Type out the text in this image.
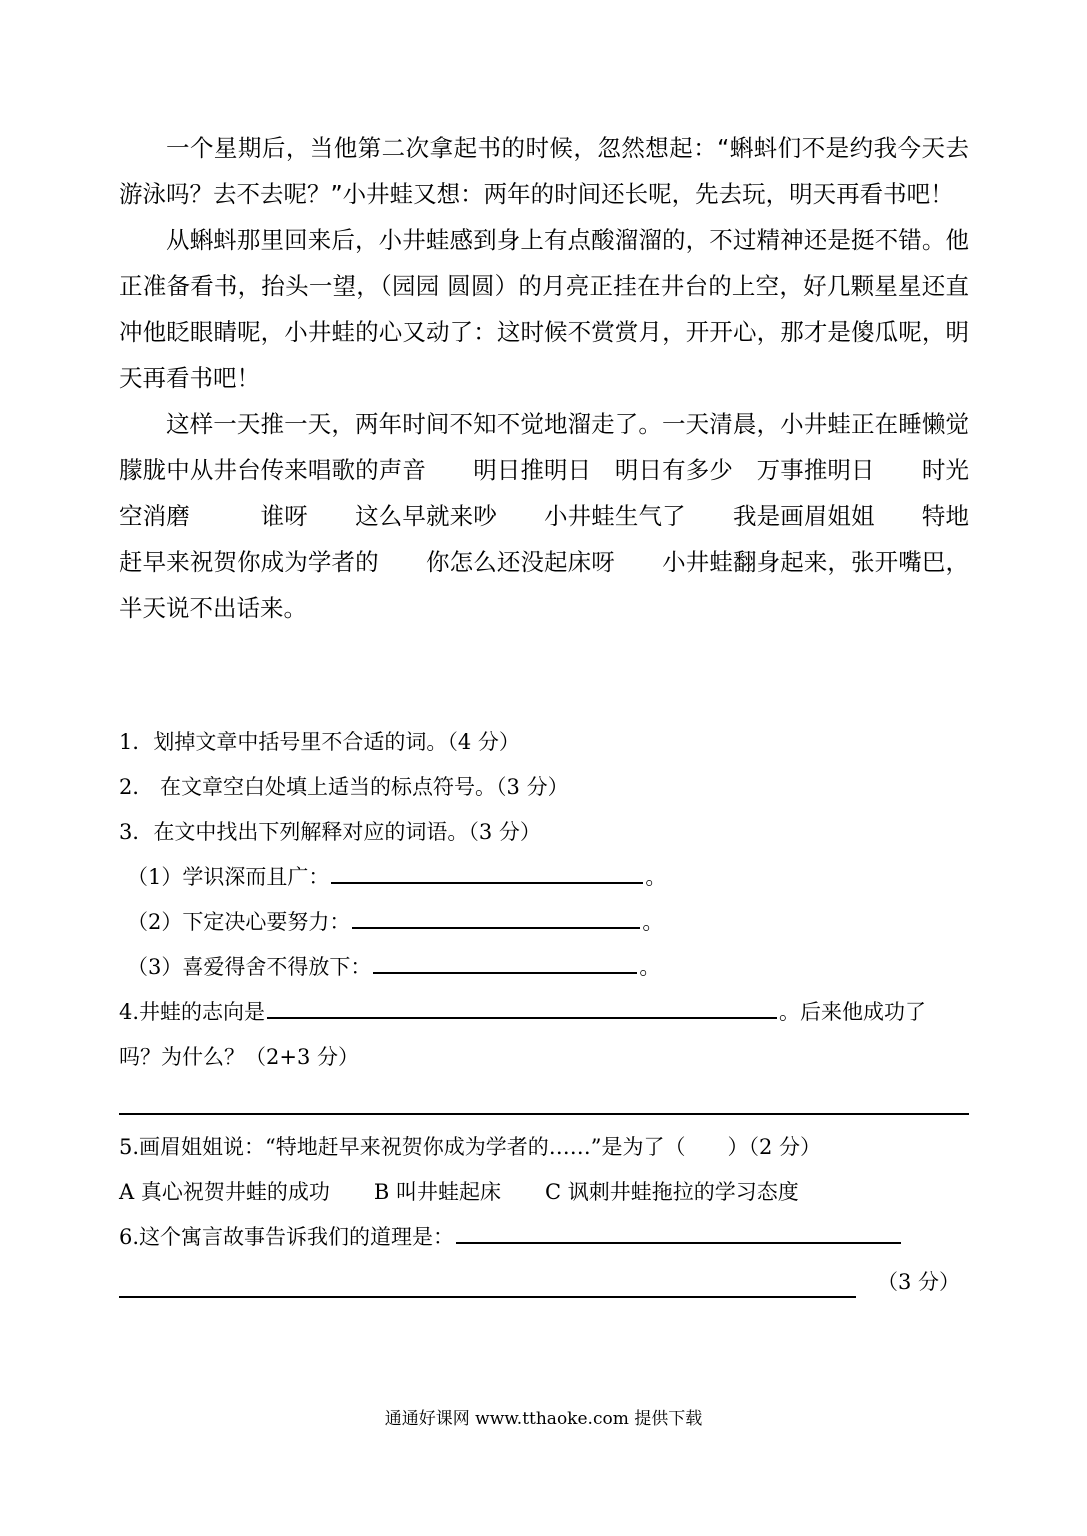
一个星期后，当他第二次拿起书的时候，忽然想起：“蝌蚪们不是约我今天去游泳吗？去不去呢？”小井蛙又想：两年的时间还长呢，先去玩，明天再看书吧！

从蝌蚪那里回来后，小井蛙感到身上有点酸溜溜的，不过精神还是挺不错。他正准备看书，抬头一望，（园园 圆圆）的月亮正挂在井台的上空，好几颗星星还直冲他眨眼睛呢，小井蛙的心又动了：这时候不赏赏月，开开心，那才是傻瓜呢，明天再看书吧！

这样一天推一天，两年时间不知不觉地溜走了。一天清晨，小井蛙正在睡懒觉　　朦胧中从井台传来唱歌的声音　　明日推明日　明日有多少　万事推明日　　时光空消磨　　　谁呀　　这么早就来吵　　小井蛙生气了　　我是画眉姐姐　　特地赶早来祝贺你成为学者的　　你怎么还没起床呀　　小井蛙翻身起来，张开嘴巴，半天说不出话来。

1．划掉文章中括号里不合适的词。（4 分）
2． 在文章空白处填上适当的标点符号。（3 分）
3．在文中找出下列解释对应的词语。（3 分）
（1）学识深而且广：	。
（2）下定决心要努力：	。
（3）喜爱得舍不得放下：	。
4.井蛙的志向是	。后来他成功了
吗？为什么？（2+3 分）
5.画眉姐姐说：“特地赶早来祝贺你成为学者的……”是为了（　　）（2 分）
A 真心祝贺井蛙的成功 B 叫井蛙起床 C 讽刺井蛙拖拉的学习态度
6.这个寓言故事告诉我们的道理是：
（3 分）
通通好课网 www.tthaoke.com 提供下载
